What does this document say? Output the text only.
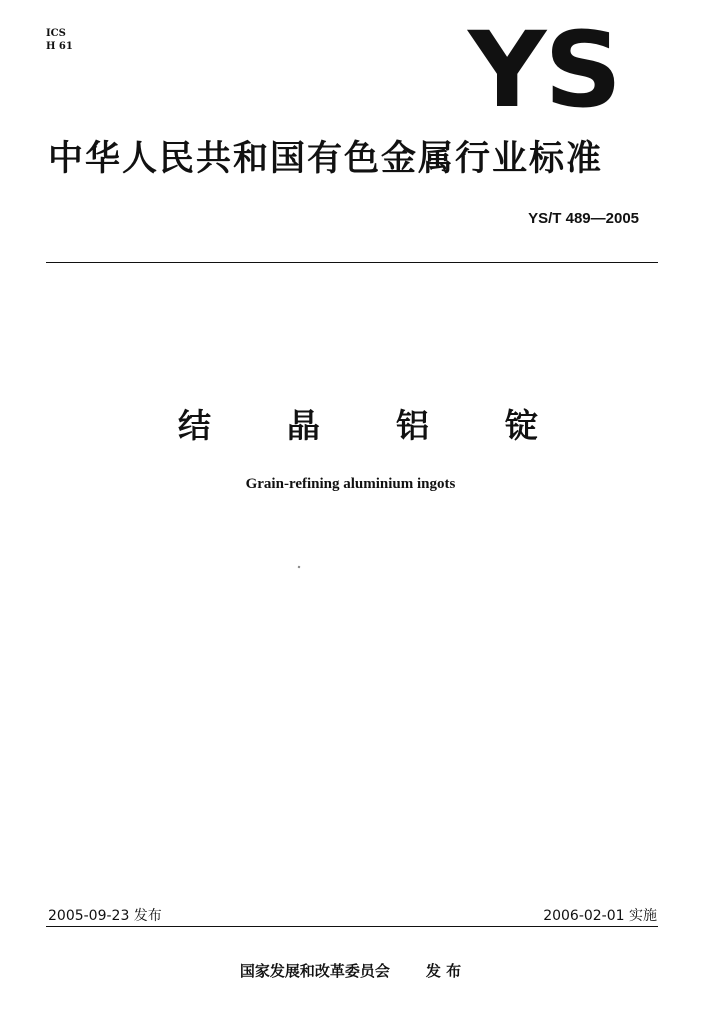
ICS
H 61	YS
中华人民共和国有色金属行业标准
YS/T 489—2005
结 晶 铝 锭
Grain-refining aluminium ingots
2005-09-23 发布	2006-02-01 实施
国家发展和改革委员会 发 布
